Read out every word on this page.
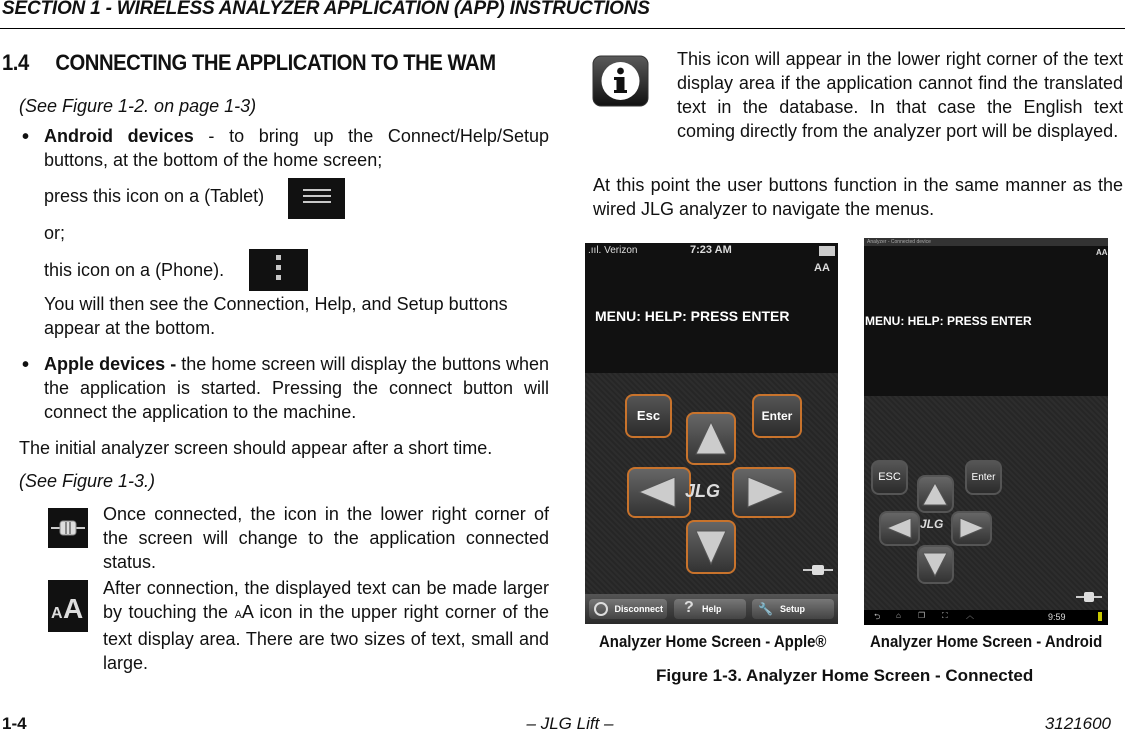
SECTION 1 - WIRELESS ANALYZER APPLICATION (APP) INSTRUCTIONS
1.4 CONNECTING THE APPLICATION TO THE WAM
(See Figure 1-2. on page 1-3)
• Android devices - to bring up the Connect/Help/Setup buttons, at the bottom of the home screen;
press this icon on a (Tablet)
or;
this icon on a (Phone).
You will then see the Connection, Help, and Setup buttons appear at the bottom.
• Apple devices - the home screen will display the buttons when the application is started. Pressing the connect button will connect the application to the machine.
The initial analyzer screen should appear after a short time.
(See Figure 1-3.)
Once connected, the icon in the lower right corner of the screen will change to the application connected status.
A A
After connection, the displayed text can be made larger by touching the AA icon in the upper right corner of the text display area. There are two sizes of text, small and large.
This icon will appear in the lower right corner of the text display area if the application cannot find the translated text in the database. In that case the English text coming directly from the analyzer port will be displayed.
At this point the user buttons function in the same manner as the wired JLG analyzer to navigate the menus.
.ııl. Verizon	7:23 AM
AA
MENU: HELP: PRESS ENTER
Esc	Enter
JLG
Disconnect ? Help	🔧 Setup
Analyzer - Connected device
AA
MENU: HELP: PRESS ENTER
ESC	Enter
JLG
⮌ ⌂ ❐ ⛶ ︿	9:59
Analyzer Home Screen - Apple®	Analyzer Home Screen - Android
Figure 1-3. Analyzer Home Screen - Connected
1-4	– JLG Lift –	3121600
